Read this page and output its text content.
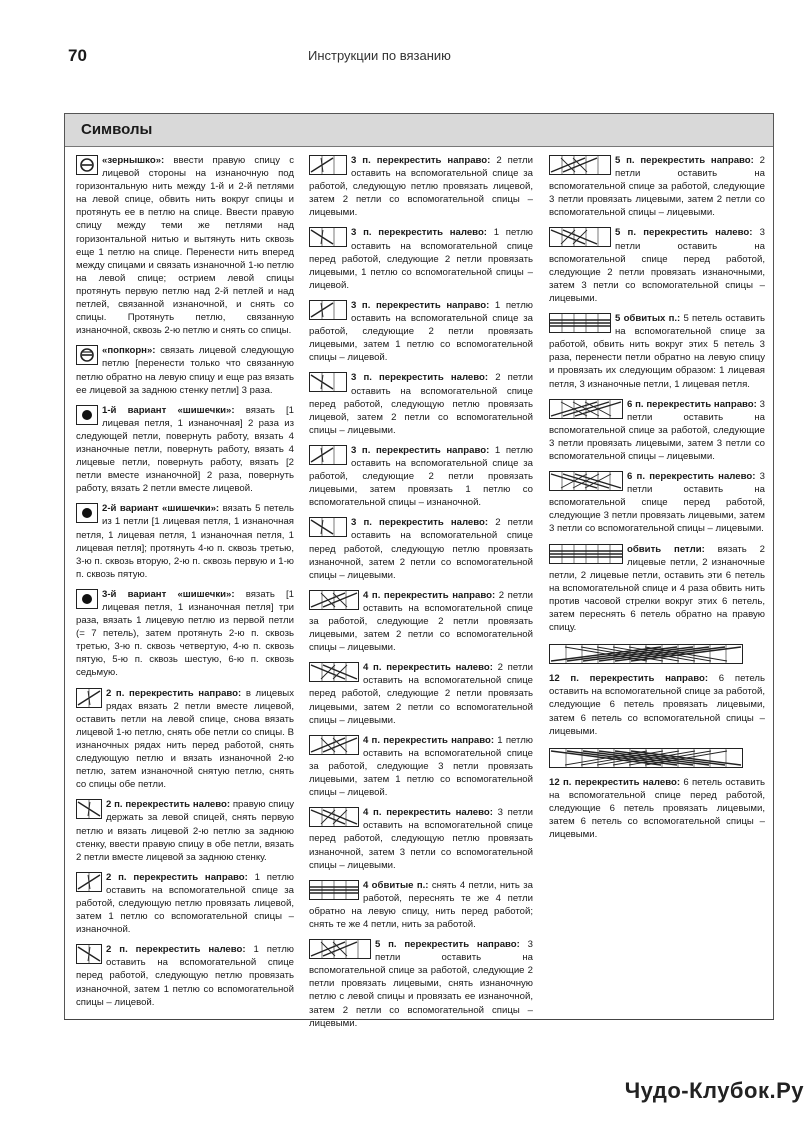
70	Инструкции по вязанию
Символы
«зернышко»: ввести правую спицу с лицевой стороны на изнаночную под горизонтальную нить между 1-й и 2-й петлями на левой спице, обвить нить вокруг спицы и протянуть ее в петлю на спице. Ввести правую спицу между теми же петлями над горизонтальной нитью и вытянуть нить сквозь еще 1 петлю на спице. Перенести нить вперед между спицами и связать изнаночной 1-ю петлю на левой спице; острием левой спицы протянуть первую петлю над 2-й петлей и над петлей, связанной изнаночной, и снять со спицы. Протянуть петлю, связанную изнаночной, сквозь 2-ю петлю и снять со спицы.
«попкорн»: связать лицевой следующую петлю [перенести только что связанную петлю обратно на левую спицу и еще раз вязать ее лицевой за заднюю стенку петли] 3 раза.
1-й вариант «шишечки»: вязать [1 лицевая петля, 1 изнаночная] 2 раза из следующей петли, повернуть работу, вязать 4 изнаночные петли, повернуть работу, вязать 4 лицевые петли, повернуть работу, вязать [2 петли вместе изнаночной] 2 раза, повернуть работу, вязать 2 петли вместе лицевой.
2-й вариант «шишечки»: вязать 5 петель из 1 петли [1 лицевая петля, 1 изнаночная петля, 1 лицевая петля, 1 изнаночная петля, 1 лицевая петля]; протянуть 4-ю п. сквозь третью, 3-ю п. сквозь вторую, 2-ю п. сквозь первую и 1-ю п. сквозь пятую.
3-й вариант «шишечки»: вязать [1 лицевая петля, 1 изнаночная петля] три раза, вязать 1 лицевую петлю из первой петли (= 7 петель), затем протянуть 2-ю п. сквозь третью, 3-ю п. сквозь четвертую, 4-ю п. сквозь пятую, 5-ю п. сквозь шестую, 6-ю п. сквозь седьмую.
2 п. перекрестить направо: в лицевых рядах вязать 2 петли вместе лицевой, оставить петли на левой спице, снова вязать лицевой 1-ю петлю, снять обе петли со спицы. В изнаночных рядах нить перед работой, снять следующую петлю и вязать изнаночной 2-ю петлю, затем изнаночной снятую петлю, снять со спицы обе петли.
2 п. перекрестить налево: правую спицу держать за левой спицей, снять первую петлю и вязать лицевой 2-ю петлю за заднюю стенку, ввести правую спицу в обе петли, вязать 2 петли вместе лицевой за заднюю стенку.
2 п. перекрестить направо: 1 петлю оставить на вспомогательной спице за работой, следующую петлю провязать лицевой, затем 1 петлю со вспомогательной спицы – изнаночной.
2 п. перекрестить налево: 1 петлю оставить на вспомогательной спице перед работой, следующую петлю провязать изнаночной, затем 1 петлю со вспомогательной спицы – лицевой.
3 п. перекрестить направо: 2 петли оставить на вспомогательной спице за работой, следующую петлю провязать лицевой, затем 2 петли со вспомогательной спицы – лицевыми.
3 п. перекрестить налево: 1 петлю оставить на вспомогательной спице перед работой, следующие 2 петли провязать лицевыми, 1 петлю со вспомогательной спицы – лицевой.
3 п. перекрестить направо: 1 петлю оставить на вспомогательной спице за работой, следующие 2 петли провязать лицевыми, затем 1 петлю со вспомогательной спицы – лицевой.
3 п. перекрестить налево: 2 петли оставить на вспомогательной спице перед работой, следующую петлю провязать лицевой, затем 2 петли со вспомогательной спицы – лицевыми.
3 п. перекрестить направо: 1 петлю оставить на вспомогательной спице за работой, следующие 2 петли провязать лицевыми, затем провязать 1 петлю со вспомогательной спицы – изнаночной.
3 п. перекрестить налево: 2 петли оставить на вспомогательной спице перед работой, следующую петлю провязать изнаночной, затем 2 петли со вспомогательной спицы – лицевыми.
4 п. перекрестить направо: 2 петли оставить на вспомогательной спице за работой, следующие 2 петли провязать лицевыми, затем 2 петли со вспомогательной спицы – лицевыми.
4 п. перекрестить налево: 2 петли оставить на вспомогательной спице перед работой, следующие 2 петли провязать лицевыми, затем 2 петли со вспомогательной спицы – лицевыми.
4 п. перекрестить направо: 1 петлю оставить на вспомогательной спице за работой, следующие 3 петли провязать лицевыми, затем 1 петлю со вспомогательной спицы – лицевой.
4 п. перекрестить налево: 3 петли оставить на вспомогательной спице перед работой, следующую петлю провязать изнаночной, затем 3 петли со вспомогательной спицы – лицевыми.
4 обвитые п.: снять 4 петли, нить за работой, переснять те же 4 петли обратно на левую спицу, нить перед работой; снять те же 4 петли, нить за работой.
5 п. перекрестить направо: 3 петли оставить на вспомогательной спице за работой, следующие 2 петли провязать лицевыми, снять изнаночную петлю с левой спицы и провязать ее изнаночной, затем 2 петли со вспомогательной спицы – лицевыми.
5 п. перекрестить направо: 2 петли оставить на вспомогательной спице за работой, следующие 3 петли провязать лицевыми, затем 2 петли со вспомогательной спицы – лицевыми.
5 п. перекрестить налево: 3 петли оставить на вспомогательной спице перед работой, следующие 2 петли провязать изнаночными, затем 3 петли со вспомогательной спицы – лицевыми.
5 обвитых п.: 5 петель оставить на вспомогательной спице за работой, обвить нить вокруг этих 5 петель 3 раза, перенести петли обратно на левую спицу и провязать их следующим образом: 1 лицевая петля, 3 изнаночные петли, 1 лицевая петля.
6 п. перекрестить направо: 3 петли оставить на вспомогательной спице за работой, следующие 3 петли провязать лицевыми, затем 3 петли со вспомогательной спицы – лицевыми.
6 п. перекрестить налево: 3 петли оставить на вспомогательной спице перед работой, следующие 3 петли провязать лицевыми, затем 3 петли со вспомогательной спицы – лицевыми.
обвить петли: вязать 2 лицевые петли, 2 изнаночные петли, 2 лицевые петли, оставить эти 6 петель на вспомогательной спице и 4 раза обвить нить против часовой стрелки вокруг этих 6 петель, затем переснять 6 петель обратно на правую спицу.

12 п. перекрестить направо: 6 петель оставить на вспомогательной спице за работой, следующие 6 петель провязать лицевыми, затем 6 петель со вспомогательной спицы – лицевыми.

12 п. перекрестить налево: 6 петель оставить на вспомогательной спице перед работой, следующие 6 петель провязать лицевыми, затем 6 петель со вспомогательной спицы – лицевыми.
Чудо-Клубок.Ру
